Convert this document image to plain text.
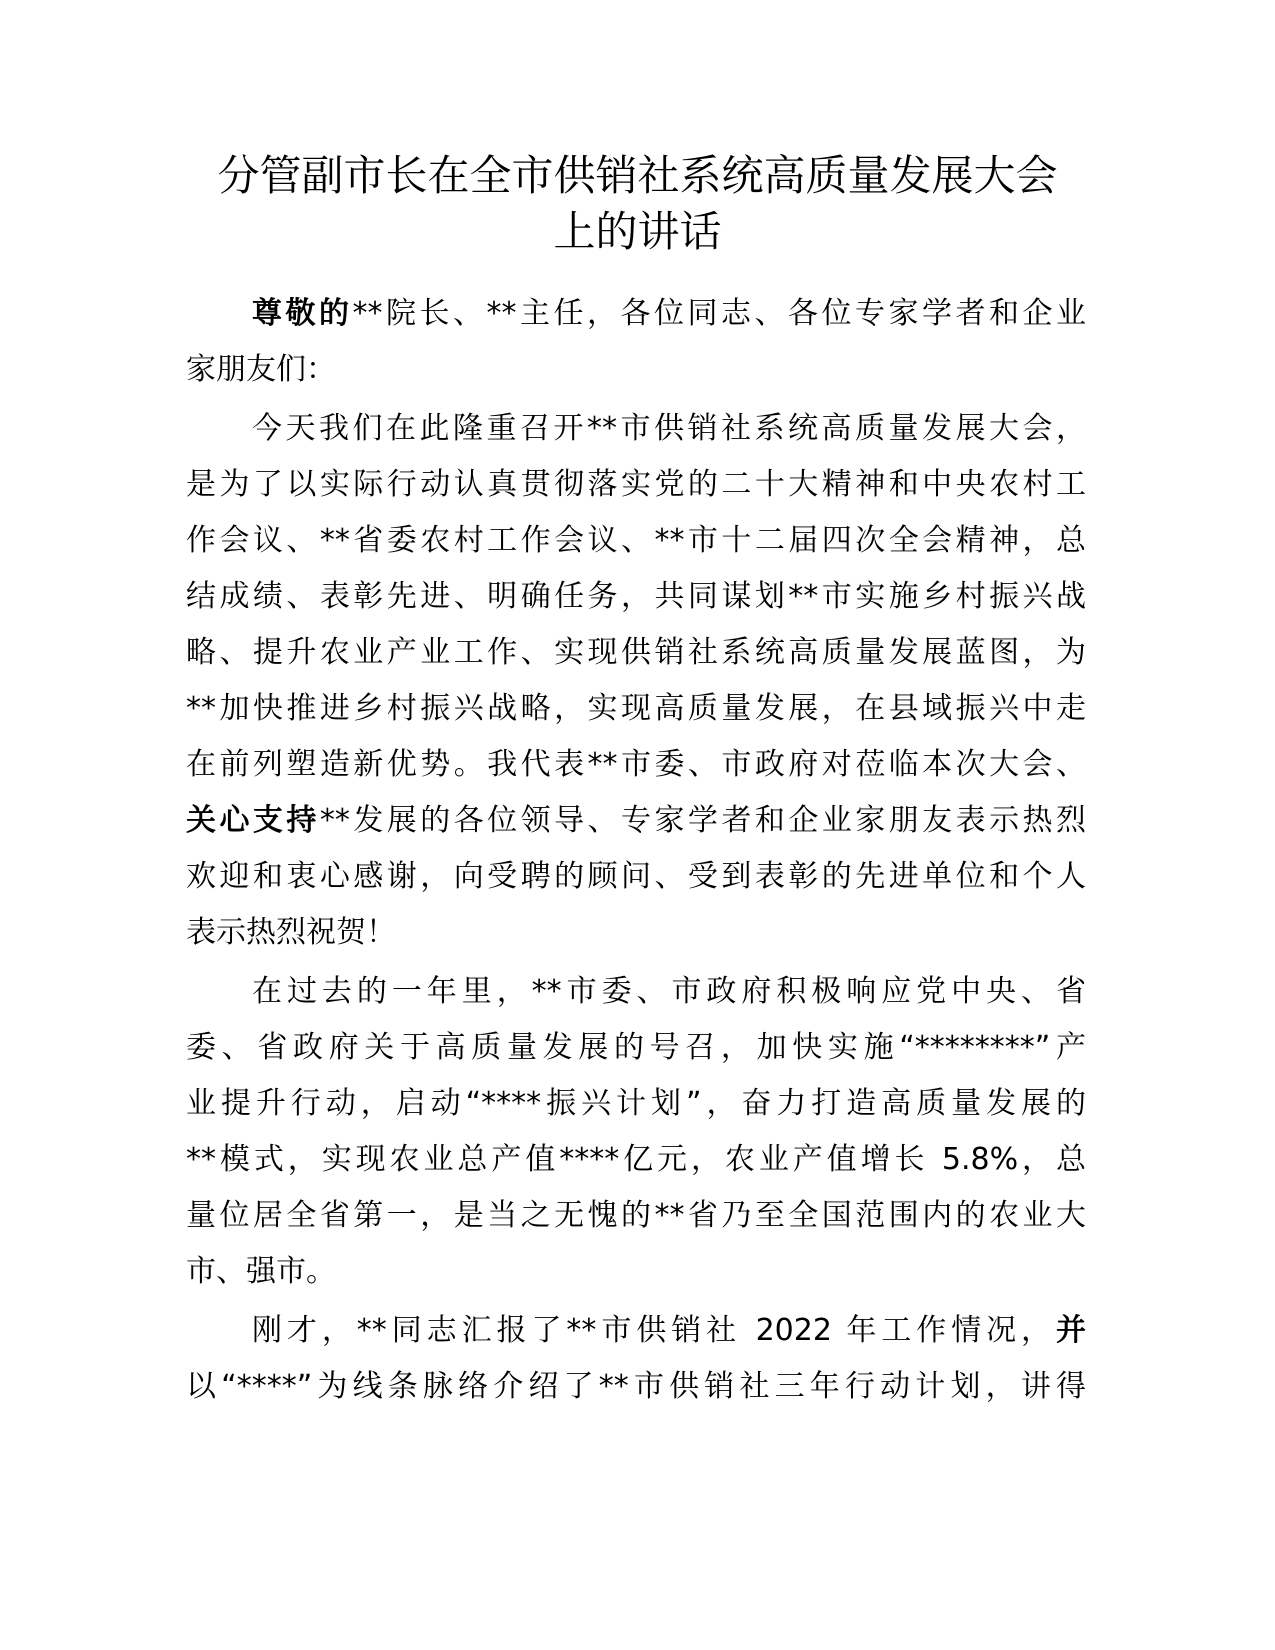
分管副市长在全市供销社系统高质量发展大会
上的讲话

尊敬的**院长、**主任，各位同志、各位专家学者和企业
家朋友们：

今天我们在此隆重召开**市供销社系统高质量发展大会，
是为了以实际行动认真贯彻落实党的二十大精神和中央农村工
作会议、**省委农村工作会议、**市十二届四次全会精神，总
结成绩、表彰先进、明确任务，共同谋划**市实施乡村振兴战
略、提升农业产业工作、实现供销社系统高质量发展蓝图，为
**加快推进乡村振兴战略，实现高质量发展，在县域振兴中走
在前列塑造新优势。我代表**市委、市政府对莅临本次大会、
关心支持**发展的各位领导、专家学者和企业家朋友表示热烈
欢迎和衷心感谢，向受聘的顾问、受到表彰的先进单位和个人
表示热烈祝贺！

在过去的一年里，**市委、市政府积极响应党中央、省
委、省政府关于高质量发展的号召，加快实施“********”产
业提升行动，启动“****振兴计划”，奋力打造高质量发展的
**模式，实现农业总产值****亿元，农业产值增长 5.8%，总
量位居全省第一，是当之无愧的**省乃至全国范围内的农业大
市、强市。

刚才，**同志汇报了**市供销社 2022 年工作情况，并
以“****”为线条脉络介绍了**市供销社三年行动计划，讲得
